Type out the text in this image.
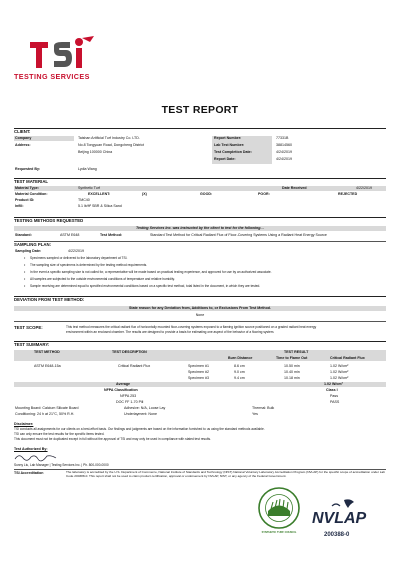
TESTING SERVICES
TEST REPORT
CLIENT:
Company	Taishan Artificial Turf Industry Co. LTD.
Address:	No.8 Tongyuan Road, Dongcheng District
Beijing 100000 China
Requested By:	Lydia Wang
Report Number:	77331B
Lab Test Number:	38814560
Test Completion Date:	4/24/2019
Report Date:	4/24/2019
TEST MATERIAL
Material Type:	Synthetic Turf	Date Received	4/22/2019
Material Condition:	EXCELLENT:	(X)	GOOD:	POOR:	REJECTED
Product ID:	TMC40
Infill:	5.1 lb/ft² SBR & Silica Sand
TESTING METHODS REQUESTED
Testing Services Inc. was instructed by the client to test for the following…
Standard:	ASTM E648	Test Method:	Standard Test Method for Critical Radiant Flux of Floor-Covering Systems Using a Radiant Heat Energy Source
SAMPLING PLAN:
Sampling Date:	4/22/2019
• Specimens sampled or delivered to the laboratory department at TSI.
• The sampling size of specimens is determined by the testing method requirements.
• In the event a specific sampling size is not called for, a representative will be made based on practical testing experience, and approved for use by an authorized associate.
• All samples are subjected to the outside environmental conditions of temperature and relative humidity.
• Sample receiving are determined equal to specified environmental conditions based on a specific test method, total listed in the document, in which they are tested.
DEVIATION FROM TEST METHOD:
State reason for any Deviation from, Additions to, or Exclusions From Test Method.
None
TEST SCOPE:	This test method measures the critical radiant flux of horizontally mounted floor-covering systems exposed to a flaming ignition source positioned on a graded radiant heat energy
environment within an enclosed chamber. The results are designed to provide a basis for estimating one aspect of the behavior of a flooring system.
TEST SUMMARY:
TEST METHOD	TEST DESCRIPTION	TEST RESULT
Burn Distance	Time to Flame Out	Critical Radiant Flux
ASTM E648-15a	Critical Radiant Flux	Specimen #1	8.6 cm	10.50 min	1.02 W/cm²
Specimen #2	9.0 cm	10.40 min	1.02 W/cm²
Specimen #3	9.4 cm	10.18 min	1.02 W/cm²
Average	1.02 W/cm²
NFPA Classification	Class I
NFPA 253	Pass
DOC FF 1-70 Pill	PASS
Mounting Board: Calcium Silicate Board
Conditioning: 24 h at 21°C, 50% R.H.
Adhesive: N/A, Loose Lay
Underlayment: None
Thermal: Bulk
Yes
Disclaimer:
TSI conducts all assignments for our clients on a best-effort basis. Our findings and judgments are based on the information furnished to us using the standard methods available.
TSI can only ensure the test results for the specific items tested.
This document must not be duplicated except in full without the approval of TSI and may only be used in compliance with stated test results.
Test Authorized By:
Sunny Liu, Lab Manager | Testing Services Inc. | Ph. 800-000-0000
TSI Accreditation	The laboratory is accredited by the U.S. Department of Commerce, National Institute of Standards and Technology (NIST) National Voluntary Laboratory Accreditation Program (NVLAP) for the specific scope of accreditation under Lab Code 200388-0. This report shall not be used to claim product certification, approval or endorsement by NVLAP, NIST, or any agency of the Federal Government.
SYNTHETIC TURF COUNCIL
NVLAP
200388-0
